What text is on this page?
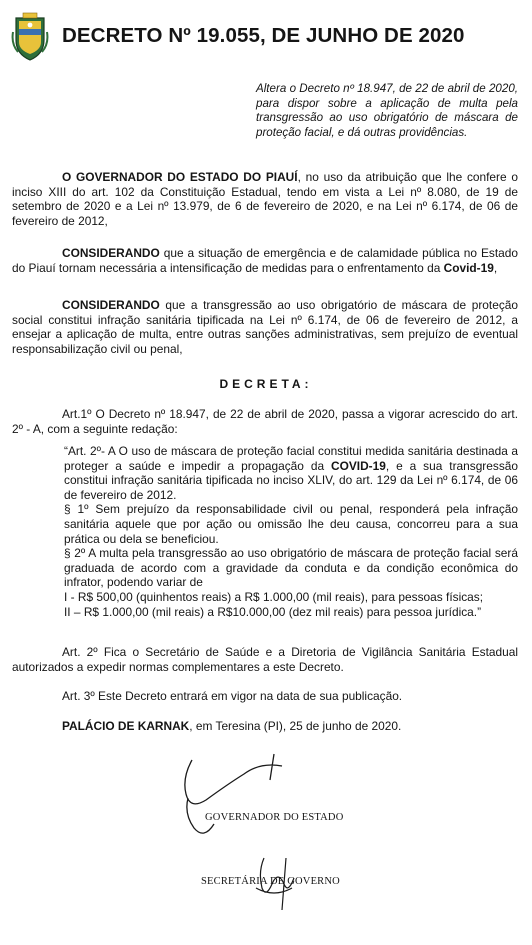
DECRETO Nº 19.055, DE JUNHO DE 2020
Altera o Decreto nº 18.947, de 22 de abril de 2020, para dispor sobre a aplicação de multa pela transgressão ao uso obrigatório de máscara de proteção facial, e dá outras providências.
O GOVERNADOR DO ESTADO DO PIAUÍ, no uso da atribuição que lhe confere o inciso XIII do art. 102 da Constituição Estadual, tendo em vista a Lei nº 8.080, de 19 de setembro de 2020 e a Lei nº 13.979, de 6 de fevereiro de 2020, e na Lei nº 6.174, de 06 de fevereiro de 2012,
CONSIDERANDO que a situação de emergência e de calamidade pública no Estado do Piauí tornam necessária a intensificação de medidas para o enfrentamento da Covid-19,
CONSIDERANDO que a transgressão ao uso obrigatório de máscara de proteção social constitui infração sanitária tipificada na Lei nº 6.174, de 06 de fevereiro de 2012, a ensejar a aplicação de multa, entre outras sanções administrativas, sem prejuízo de eventual responsabilização civil ou penal,
DECRETA:
Art.1º O Decreto nº 18.947, de 22 de abril de 2020, passa a vigorar acrescido do art. 2º - A, com a seguinte redação:
“Art. 2º- A O uso de máscara de proteção facial constitui medida sanitária destinada a proteger a saúde e impedir a propagação da COVID-19, e a sua transgressão constitui infração sanitária tipificada no inciso XLIV, do art. 129 da Lei nº 6.174, de 06 de fevereiro de 2012.
§ 1º Sem prejuízo da responsabilidade civil ou penal, responderá pela infração sanitária aquele que por ação ou omissão lhe deu causa, concorreu para a sua prática ou dela se beneficiou.
§ 2º A multa pela transgressão ao uso obrigatório de máscara de proteção facial será graduada de acordo com a gravidade da conduta e da condição econômica do infrator, podendo variar de
I - R$ 500,00 (quinhentos reais) a R$ 1.000,00 (mil reais), para pessoas físicas;
II – R$ 1.000,00 (mil reais) a R$10.000,00 (dez mil reais) para pessoa jurídica.”
Art. 2º Fica o Secretário de Saúde e a Diretoria de Vigilância Sanitária Estadual autorizados a expedir normas complementares a este Decreto.
Art. 3º Este Decreto entrará em vigor na data de sua publicação.
PALÁCIO DE KARNAK, em Teresina (PI), 25 de junho de 2020.
GOVERNADOR DO ESTADO
SECRETÁRIA DE GOVERNO
